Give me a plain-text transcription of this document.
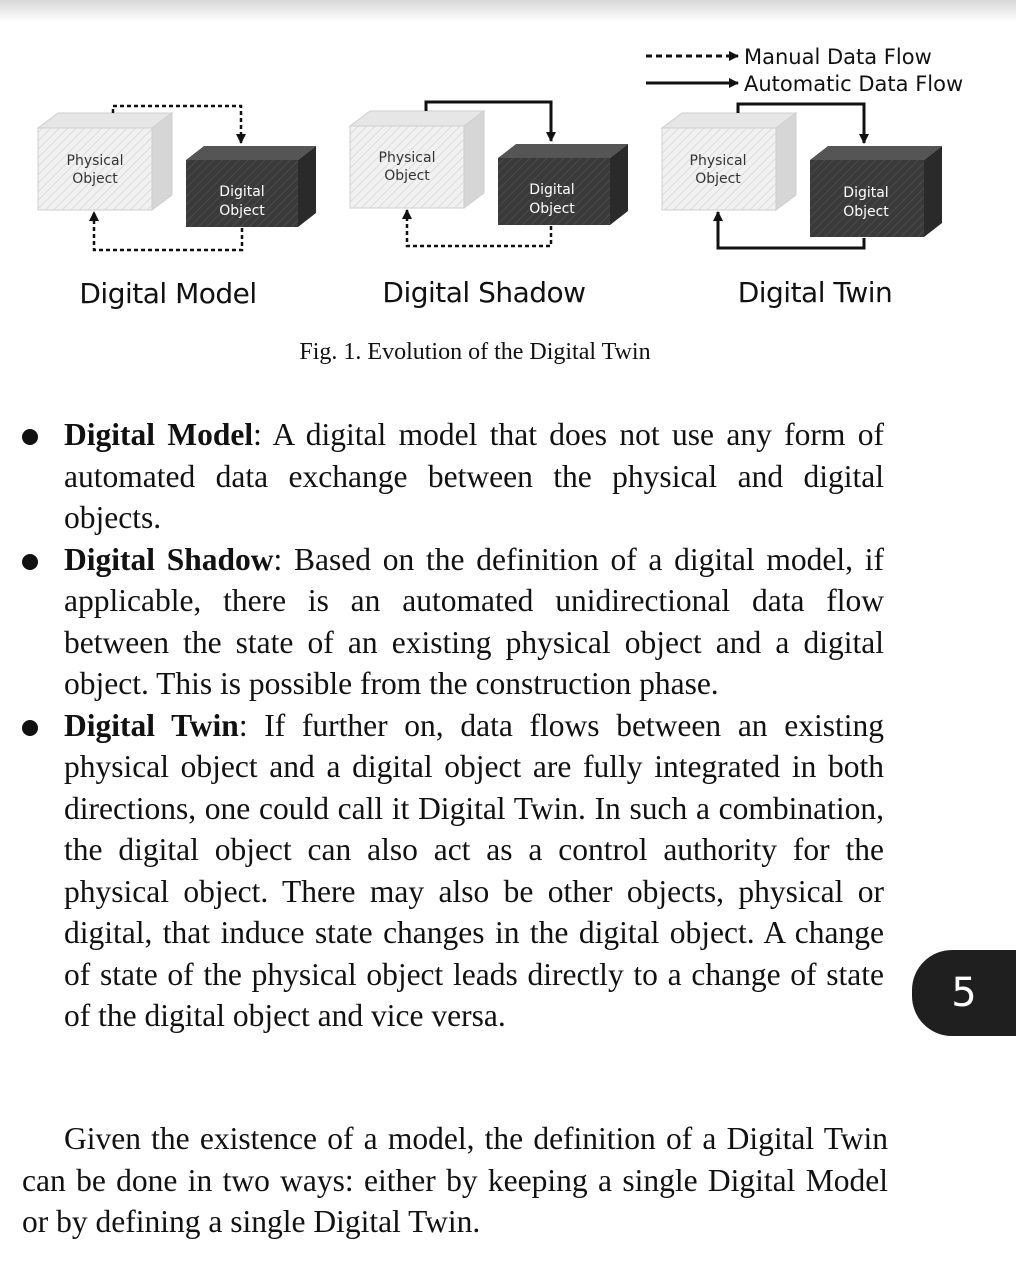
Manual Data Flow
Automatic Data Flow
Physical
Object
Digital
Object
Digital Model
Physical
Object
Digital
Object
Digital Shadow
Physical
Object
Digital
Object
Digital Twin
Fig. 1. Evolution of the Digital Twin
Digital Model: A digital model that does not use any form of automated data exchange between the physical and digital objects.
Digital Shadow: Based on the definition of a digital model, if applicable, there is an automated unidirectional data flow between the state of an existing physical object and a digital object. This is possible from the construction phase.
Digital Twin: If further on, data flows between an existing physical object and a digital object are fully integrated in both directions, one could call it Digital Twin. In such a combination, the digital object can also act as a control authority for the physical object. There may also be other objects, physical or digital, that induce state changes in the digital object. A change of state of the physical object leads directly to a change of state of the digital object and vice versa.

Given the existence of a model, the definition of a Digital Twin can be done in two ways: either by keeping a single Digital Model or by defining a single Digital Twin.

5
